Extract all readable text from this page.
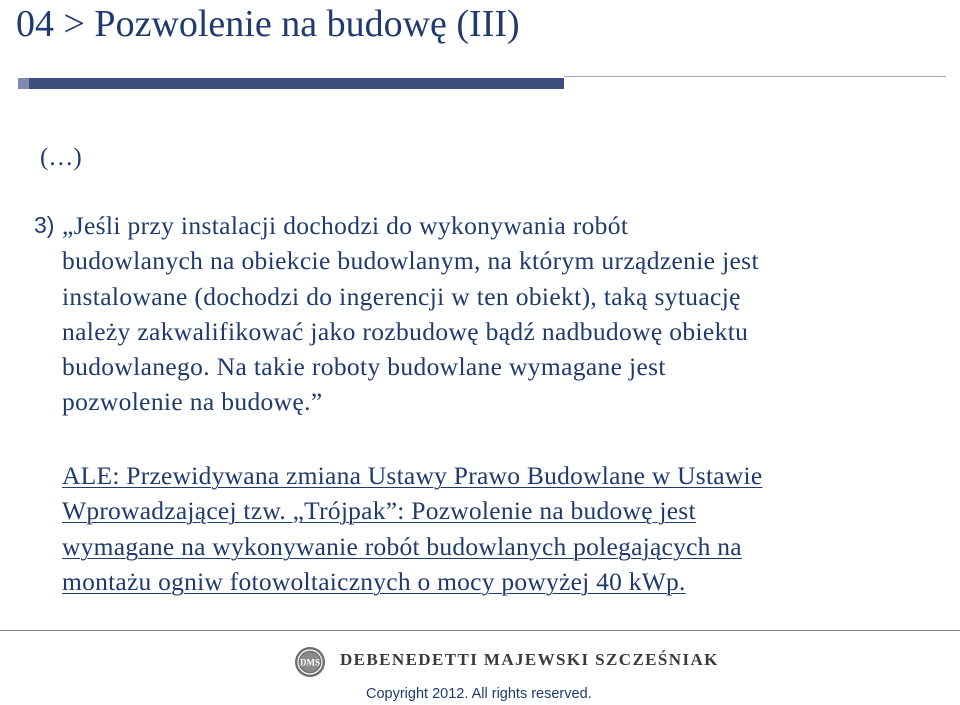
04 > Pozwolenie na budowę (III)
(…)
3) „Jeśli przy instalacji dochodzi do wykonywania robót
budowlanych na obiekcie budowlanym, na którym urządzenie jest
instalowane (dochodzi do ingerencji w ten obiekt), taką sytuację
należy zakwalifikować jako rozbudowę bądź nadbudowę obiektu
budowlanego. Na takie roboty budowlane wymagane jest
pozwolenie na budowę.”
ALE: Przewidywana zmiana Ustawy Prawo Budowlane w Ustawie
Wprowadzającej tzw. „Trójpak”: Pozwolenie na budowę jest
wymagane na wykonywanie robót budowlanych polegających na
montażu ogniw fotowoltaicznych o mocy powyżej 40 kWp.
DMS DEBENEDETTI MAJEWSKI SZCZEŚNIAK
Copyright 2012. All rights reserved.
